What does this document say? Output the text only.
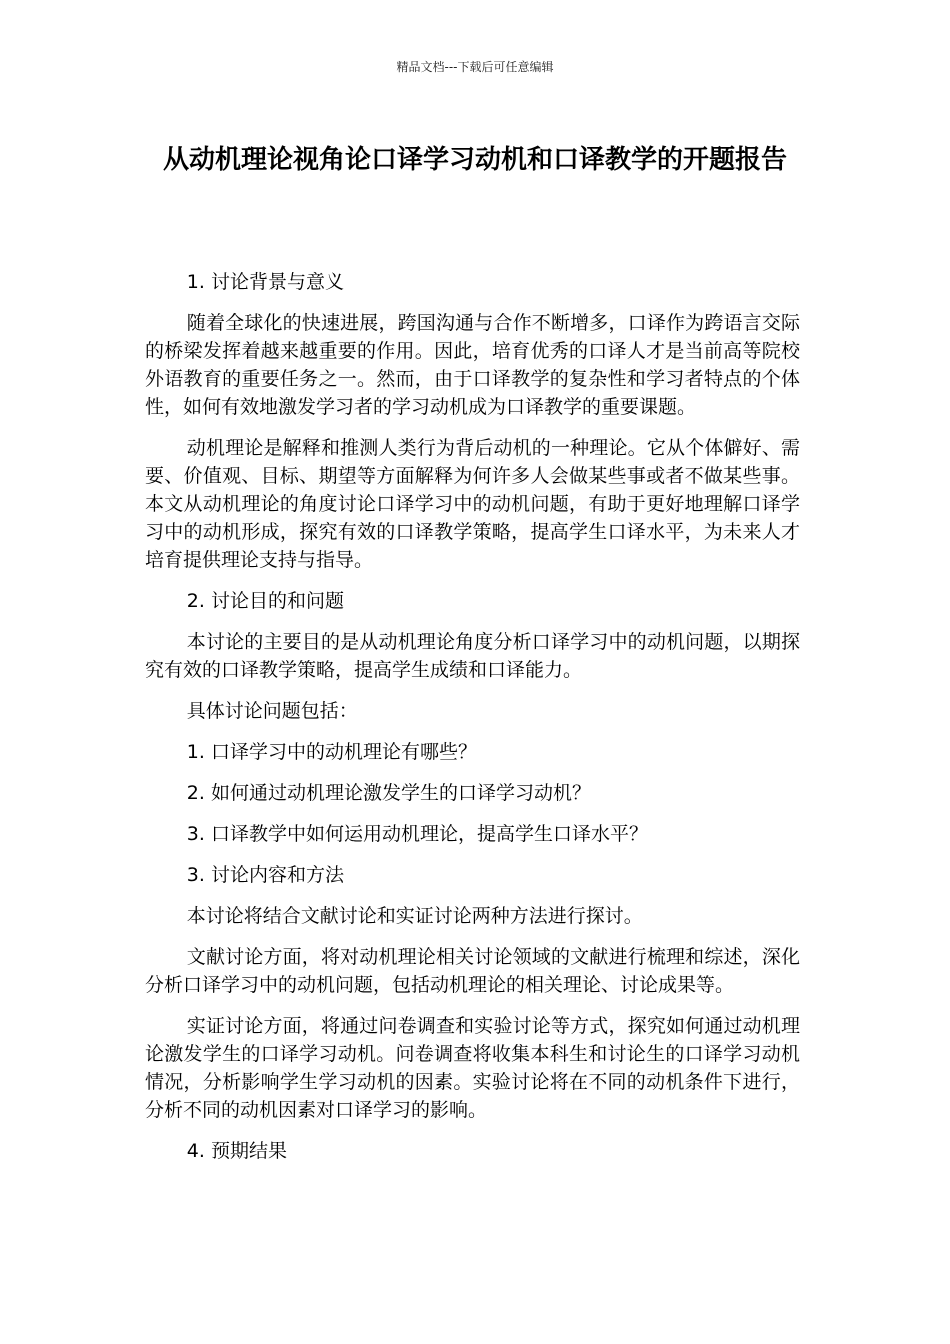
精品文档---下载后可任意编辑
从动机理论视角论口译学习动机和口译教学的开题报告

1. 讨论背景与意义

随着全球化的快速进展，跨国沟通与合作不断增多，口译作为跨语言交际的桥梁发挥着越来越重要的作用。因此，培育优秀的口译人才是当前高等院校外语教育的重要任务之一。然而，由于口译教学的复杂性和学习者特点的个体性，如何有效地激发学习者的学习动机成为口译教学的重要课题。

动机理论是解释和推测人类行为背后动机的一种理论。它从个体僻好、需要、价值观、目标、期望等方面解释为何许多人会做某些事或者不做某些事。本文从动机理论的角度讨论口译学习中的动机问题，有助于更好地理解口译学习中的动机形成，探究有效的口译教学策略，提高学生口译水平，为未来人才培育提供理论支持与指导。

2. 讨论目的和问题

本讨论的主要目的是从动机理论角度分析口译学习中的动机问题，以期探究有效的口译教学策略，提高学生成绩和口译能力。

具体讨论问题包括：

1. 口译学习中的动机理论有哪些？

2. 如何通过动机理论激发学生的口译学习动机？

3. 口译教学中如何运用动机理论，提高学生口译水平？

3. 讨论内容和方法

本讨论将结合文献讨论和实证讨论两种方法进行探讨。

文献讨论方面，将对动机理论相关讨论领域的文献进行梳理和综述，深化分析口译学习中的动机问题，包括动机理论的相关理论、讨论成果等。

实证讨论方面，将通过问卷调查和实验讨论等方式，探究如何通过动机理论激发学生的口译学习动机。问卷调查将收集本科生和讨论生的口译学习动机情况，分析影响学生学习动机的因素。实验讨论将在不同的动机条件下进行，分析不同的动机因素对口译学习的影响。

4. 预期结果
